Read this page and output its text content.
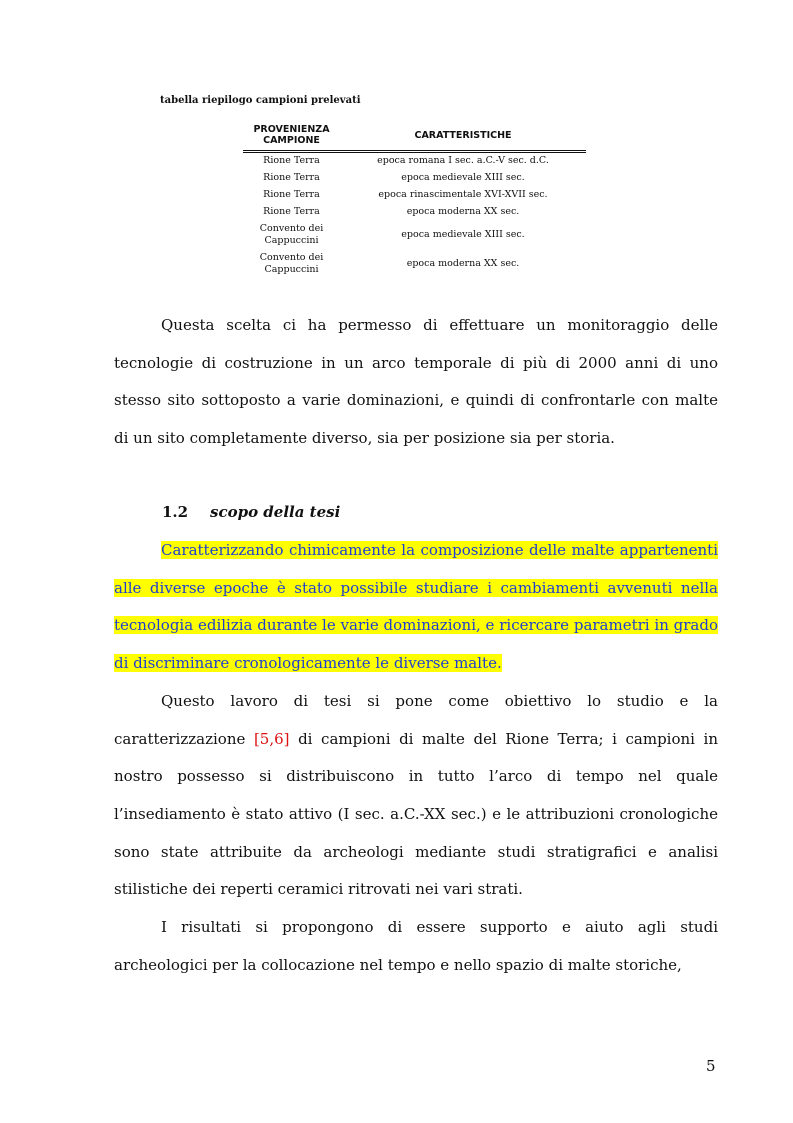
tabella riepilogo campioni prelevati
PROVENIENZA
CAMPIONE	CARATTERISTICHE
Rione Terra	epoca romana I sec. a.C.-V sec. d.C.
Rione Terra	epoca medievale XIII sec.
Rione Terra	epoca rinascimentale XVI-XVII sec.
Rione Terra	epoca moderna XX sec.
Convento dei
Cappuccini	epoca medievale XIII sec.
Convento dei
Cappuccini	epoca moderna XX sec.

Questa scelta ci ha permesso di effettuare un monitoraggio delle tecnologie di costruzione in un arco temporale di più di 2000 anni di uno stesso sito sottoposto a varie dominazioni, e quindi di confrontarle con malte di un sito completamente diverso, sia per posizione sia per storia.

1.2 scopo della tesi

Caratterizzando chimicamente la composizione delle malte appartenenti alle diverse epoche è stato possibile studiare i cambiamenti avvenuti nella tecnologia edilizia durante le varie dominazioni, e ricercare parametri in grado di discriminare cronologicamente le diverse malte.

Questo lavoro di tesi si pone come obiettivo lo studio e la caratterizzazione [5,6] di campioni di malte del Rione Terra; i campioni in nostro possesso si distribuiscono in tutto l’arco di tempo nel quale l’insediamento è stato attivo (I sec. a.C.-XX sec.) e le attribuzioni cronologiche sono state attribuite da archeologi mediante studi stratigrafici e analisi stilistiche dei reperti ceramici ritrovati nei vari strati.

I risultati si propongono di essere supporto e aiuto agli studi archeologici per la collocazione nel tempo e nello spazio di malte storiche,

5
